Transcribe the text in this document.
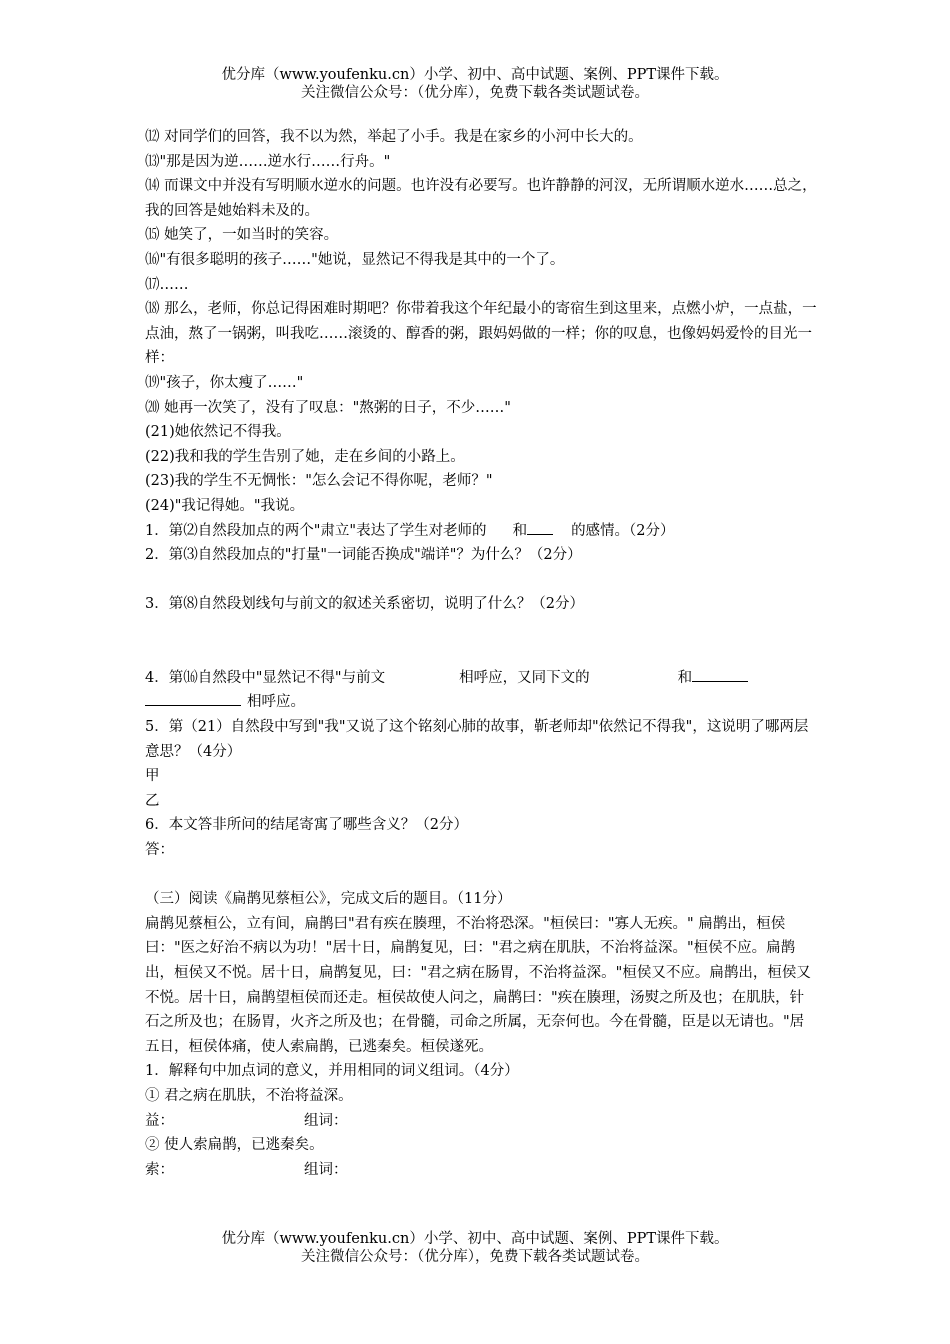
优分库（www.youfenku.cn）小学、初中、高中试题、案例、PPT课件下载。
关注微信公众号：（优分库），免费下载各类试题试卷。

⑿ 对同学们的回答，我不以为然，举起了小手。我是在家乡的小河中长大的。

⒀"那是因为逆……逆水行……行舟。"

⒁ 而课文中并没有写明顺水逆水的问题。也许没有必要写。也许静静的河汊，无所谓顺水逆水……总之，我的回答是她始料未及的。

⒂ 她笑了，一如当时的笑容。

⒃"有很多聪明的孩子……"她说，显然记不得我是其中的一个了。

⒄……

⒅ 那么，老师，你总记得困难时期吧？你带着我这个年纪最小的寄宿生到这里来，点燃小炉，一点盐，一点油，熬了一锅粥，叫我吃……滚烫的、醇香的粥，跟妈妈做的一样；你的叹息，也像妈妈爱怜的目光一样：

⒆"孩子，你太瘦了……"

⒇ 她再一次笑了，没有了叹息："熬粥的日子，不少……"

(21)她依然记不得我。

(22)我和我的学生告别了她，走在乡间的小路上。

(23)我的学生不无惆怅："怎么会记不得你呢，老师？"

(24)"我记得她。"我说。

1．第⑵自然段加点的两个"肃立"表达了学生对老师的 和	的感情。（2分）

2．第⑶自然段加点的"打量"一词能否换成"端详"？为什么？（2分）

3．第⑻自然段划线句与前文的叙述关系密切，说明了什么？（2分）

4．第⒃自然段中"显然记不得"与前文	相呼应，又同下文的	和

相呼应。

5．第（21）自然段中写到"我"又说了这个铭刻心肺的故事，靳老师却"依然记不得我"，这说明了哪两层意思？（4分）

甲

乙

6．本文答非所问的结尾寄寓了哪些含义？（2分）

答：

（三）阅读《扁鹊见蔡桓公》，完成文后的题目。（11分）

扁鹊见蔡桓公，立有间，扁鹊曰"君有疾在腠理，不治将恐深。"桓侯曰："寡人无疾。" 扁鹊出，桓侯曰："医之好治不病以为功！"居十日，扁鹊复见，曰："君之病在肌肤，不治将益深。"桓侯不应。扁鹊出，桓侯又不悦。居十日，扁鹊复见，曰："君之病在肠胃，不治将益深。"桓侯又不应。扁鹊出，桓侯又不悦。居十日，扁鹊望桓侯而还走。桓侯故使人问之，扁鹊曰："疾在腠理，汤熨之所及也；在肌肤，针石之所及也；在肠胃，火齐之所及也；在骨髓，司命之所属，无奈何也。今在骨髓，臣是以无请也。"居五日，桓侯体痛，使人索扁鹊，已逃秦矣。桓侯遂死。

1．解释句中加点词的意义，并用相同的词义组词。（4分）

① 君之病在肌肤，不治将益深。

益：	组词：

② 使人索扁鹊，已逃秦矣。

索：	组词：

优分库（www.youfenku.cn）小学、初中、高中试题、案例、PPT课件下载。
关注微信公众号：（优分库），免费下载各类试题试卷。
